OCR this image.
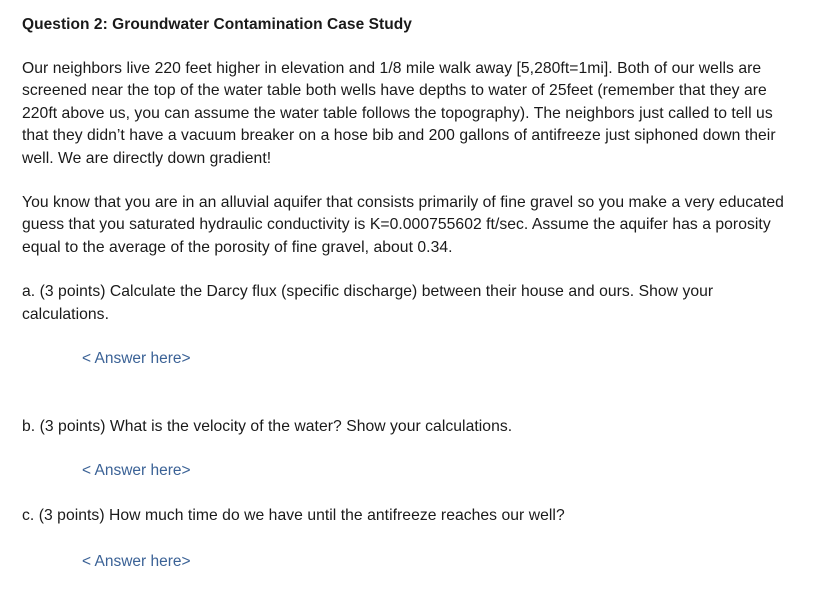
Question 2: Groundwater Contamination Case Study

Our neighbors live 220 feet higher in elevation and 1/8 mile walk away [5,280ft=1mi]. Both of our wells are screened near the top of the water table both wells have depths to water of 25feet (remember that they are 220ft above us, you can assume the water table follows the topography). The neighbors just called to tell us that they didn’t have a vacuum breaker on a hose bib and 200 gallons of antifreeze just siphoned down their well. We are directly down gradient!

You know that you are in an alluvial aquifer that consists primarily of fine gravel so you make a very educated guess that you saturated hydraulic conductivity is K=0.000755602 ft/sec. Assume the aquifer has a porosity equal to the average of the porosity of fine gravel, about 0.34.

a. (3 points) Calculate the Darcy flux (specific discharge) between their house and ours. Show your calculations.

< Answer here>

b. (3 points) What is the velocity of the water? Show your calculations.

< Answer here>

c. (3 points) How much time do we have until the antifreeze reaches our well?

< Answer here>
